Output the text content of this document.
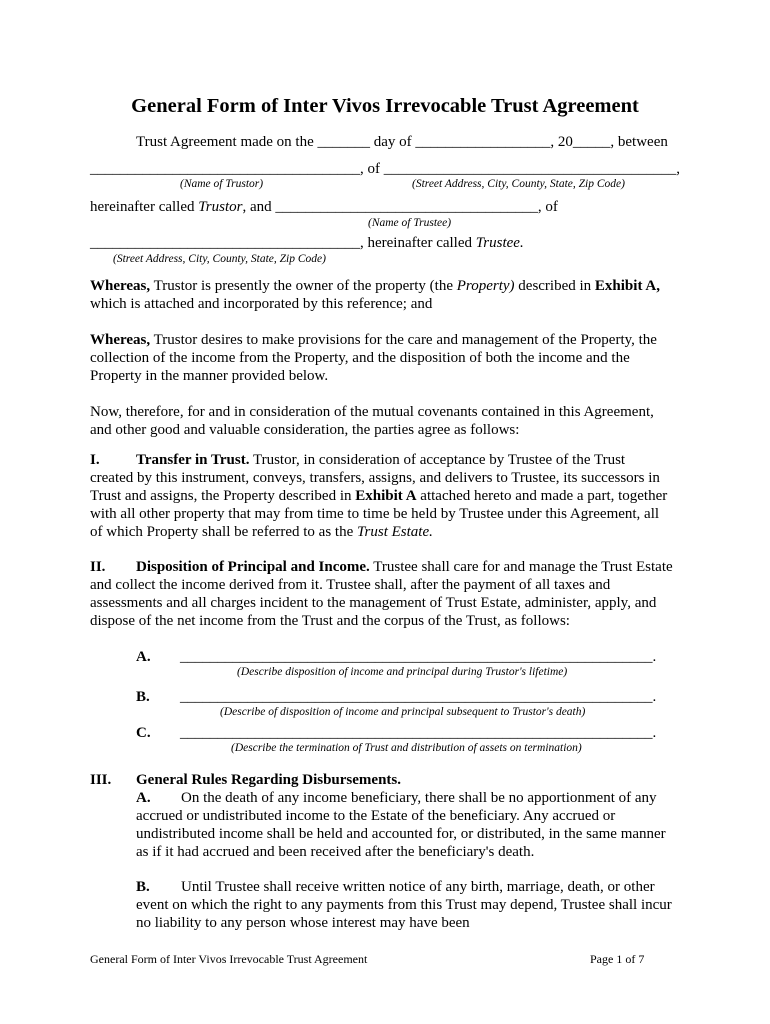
General Form of Inter Vivos Irrevocable Trust Agreement
Trust Agreement made on the _______ day of __________________, 20_____, between
____________________________________, of _______________________________________,
(Name of Trustor)	(Street Address, City, County, State, Zip Code)
hereinafter called Trustor, and ___________________________________, of
(Name of Trustee)
____________________________________, hereinafter called Trustee.
(Street Address, City, County, State, Zip Code)
Whereas, Trustor is presently the owner of the property (the Property) described in Exhibit A,
which is attached and incorporated by this reference; and
Whereas, Trustor desires to make provisions for the care and management of the Property, the
collection of the income from the Property, and the disposition of both the income and the
Property in the manner provided below.
Now, therefore, for and in consideration of the mutual covenants contained in this Agreement,
and other good and valuable consideration, the parties agree as follows:
I. Transfer in Trust. Trustor, in consideration of acceptance by Trustee of the Trust
created by this instrument, conveys, transfers, assigns, and delivers to Trustee, its successors in
Trust and assigns, the Property described in Exhibit A attached hereto and made a part, together
with all other property that may from time to time be held by Trustee under this Agreement, all
of which Property shall be referred to as the Trust Estate.
II. Disposition of Principal and Income. Trustee shall care for and manage the Trust Estate
and collect the income derived from it. Trustee shall, after the payment of all taxes and
assessments and all charges incident to the management of Trust Estate, administer, apply, and
dispose of the net income from the Trust and the corpus of the Trust, as follows:
A. _______________________________________________________________.
(Describe disposition of income and principal during Trustor's lifetime)
B. _______________________________________________________________.
(Describe of disposition of income and principal subsequent to Trustor's death)
C. _______________________________________________________________.
(Describe the termination of Trust and distribution of assets on termination)
III. General Rules Regarding Disbursements.
A. On the death of any income beneficiary, there shall be no apportionment of any
accrued or undistributed income to the Estate of the beneficiary. Any accrued or
undistributed income shall be held and accounted for, or distributed, in the same manner
as if it had accrued and been received after the beneficiary's death.
B. Until Trustee shall receive written notice of any birth, marriage, death, or other
event on which the right to any payments from this Trust may depend, Trustee shall incur
no liability to any person whose interest may have been
General Form of Inter Vivos Irrevocable Trust Agreement	Page 1 of 7
